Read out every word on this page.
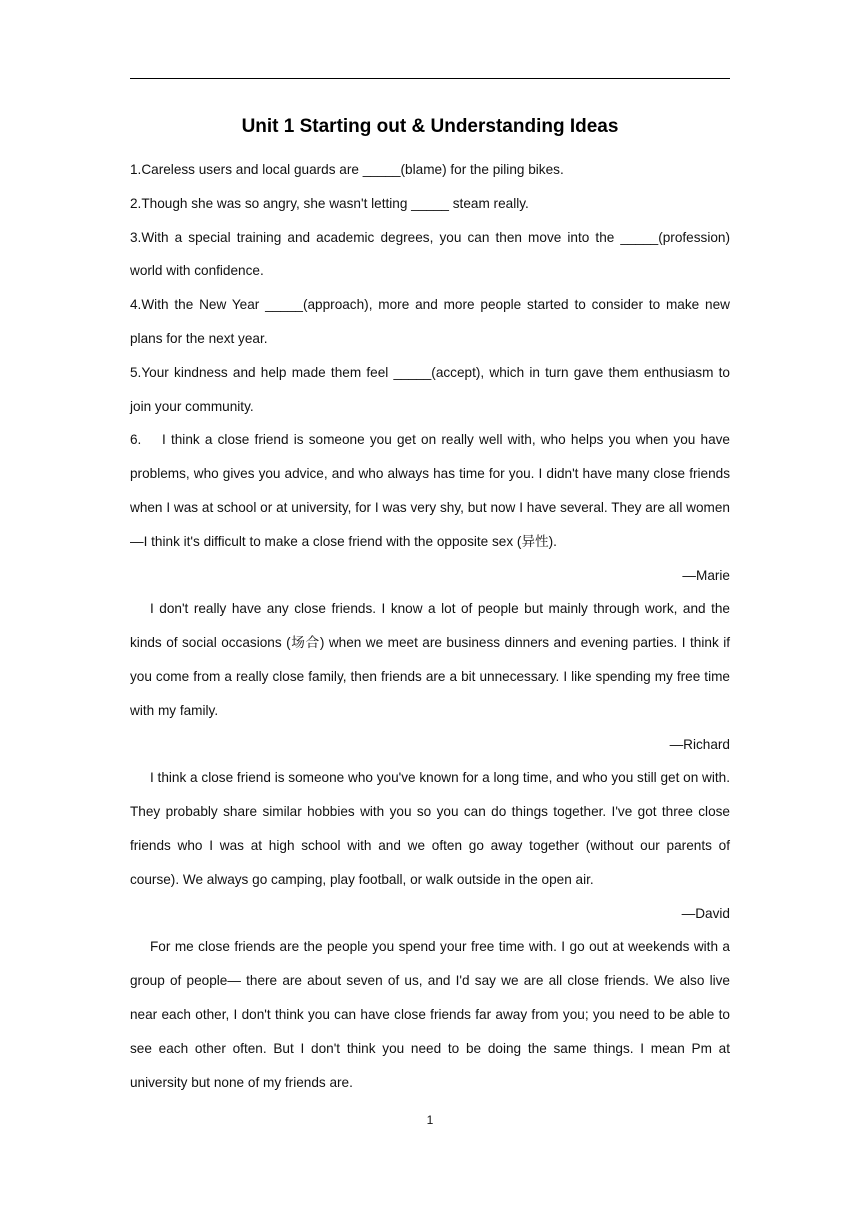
Unit 1 Starting out & Understanding Ideas

1.Careless users and local guards are _____(blame) for the piling bikes.

2.Though she was so angry, she wasn't letting _____ steam really.

3.With a special training and academic degrees, you can then move into the _____(profession) world with confidence.

4.With the New Year _____(approach), more and more people started to consider to make new plans for the next year.

5.Your kindness and help made them feel _____(accept), which in turn gave them enthusiasm to join your community.

6. I think a close friend is someone you get on really well with, who helps you when you have problems, who gives you advice, and who always has time for you. I didn't have many close friends when I was at school or at university, for I was very shy, but now I have several. They are all women—I think it's difficult to make a close friend with the opposite sex (异性).

—Marie

I don't really have any close friends. I know a lot of people but mainly through work, and the kinds of social occasions (场合) when we meet are business dinners and evening parties. I think if you come from a really close family, then friends are a bit unnecessary. I like spending my free time with my family.

—Richard

I think a close friend is someone who you've known for a long time, and who you still get on with. They probably share similar hobbies with you so you can do things together. I've got three close friends who I was at high school with and we often go away together (without our parents of course). We always go camping, play football, or walk outside in the open air.

—David

For me close friends are the people you spend your free time with. I go out at weekends with a group of people— there are about seven of us, and I'd say we are all close friends. We also live near each other, I don't think you can have close friends far away from you; you need to be able to see each other often. But I don't think you need to be doing the same things. I mean Pm at university but none of my friends are.

1
